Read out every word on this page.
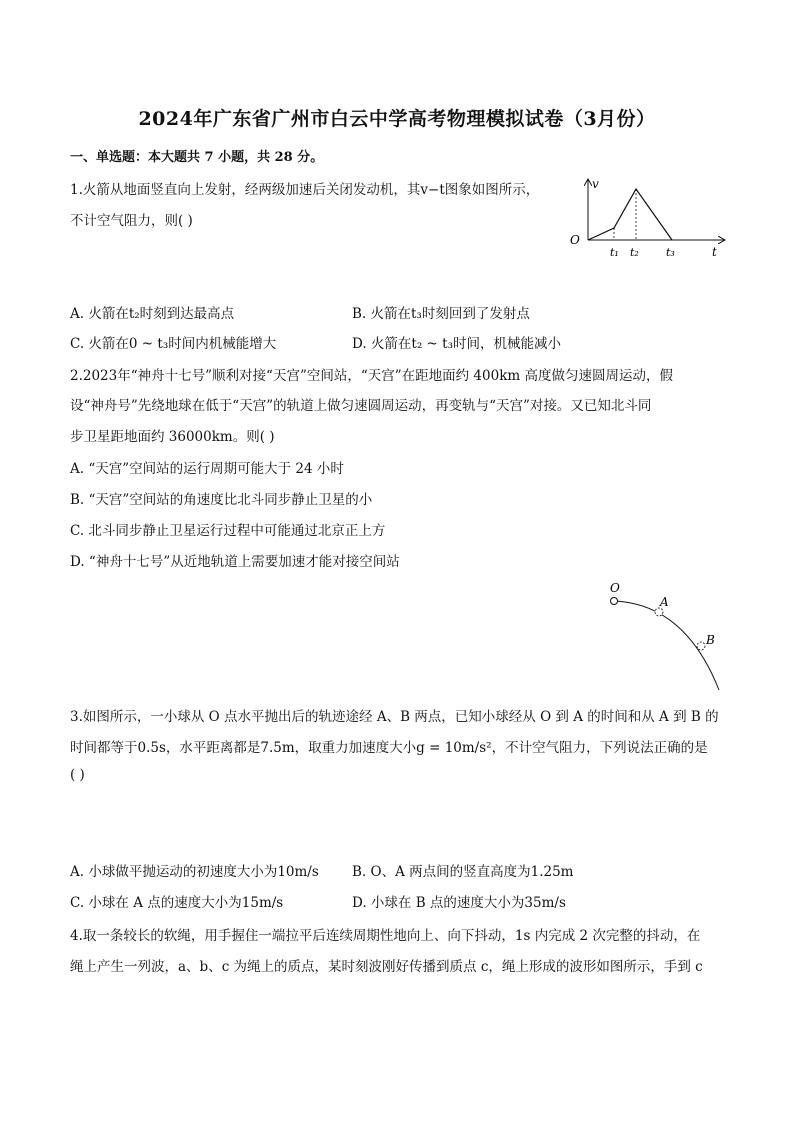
2024年广东省广州市白云中学高考物理模拟试卷（3月份）
一、单选题：本大题共 7 小题，共 28 分。
1.火箭从地面竖直向上发射，经两级加速后关闭发动机，其v−t图象如图所示，
不计空气阻力，则( )
v
O
t₁ t₂ t₃	t
A. 火箭在t₂时刻到达最高点	B. 火箭在t₃时刻回到了发射点
C. 火箭在0 ~ t₃时间内机械能增大	D. 火箭在t₂ ~ t₃时间，机械能减小
2.2023年“神舟十七号”顺利对接“天宫”空间站，“天宫”在距地面约 400km 高度做匀速圆周运动，假
设“神舟号”先绕地球在低于“天宫”的轨道上做匀速圆周运动，再变轨与“天宫”对接。又已知北斗同
步卫星距地面约 36000km。则( )
A. “天宫”空间站的运行周期可能大于 24 小时
B. “天宫”空间站的角速度比北斗同步静止卫星的小
C. 北斗同步静止卫星运行过程中可能通过北京正上方
D. “神舟十七号”从近地轨道上需要加速才能对接空间站
O
A
B
3.如图所示，一小球从 O 点水平抛出后的轨迹途经 A、B 两点，已知小球经从 O 到 A 的时间和从 A 到 B 的
时间都等于0.5s，水平距离都是7.5m，取重力加速度大小g = 10m/s²，不计空气阻力，下列说法正确的是
( )
A. 小球做平抛运动的初速度大小为10m/s B. O、A 两点间的竖直高度为1.25m
C. 小球在 A 点的速度大小为15m/s	D. 小球在 B 点的速度大小为35m/s
4.取一条较长的软绳，用手握住一端拉平后连续周期性地向上、向下抖动，1s 内完成 2 次完整的抖动，在
绳上产生一列波，a、b、c 为绳上的质点，某时刻波刚好传播到质点 c，绳上形成的波形如图所示，手到 c
